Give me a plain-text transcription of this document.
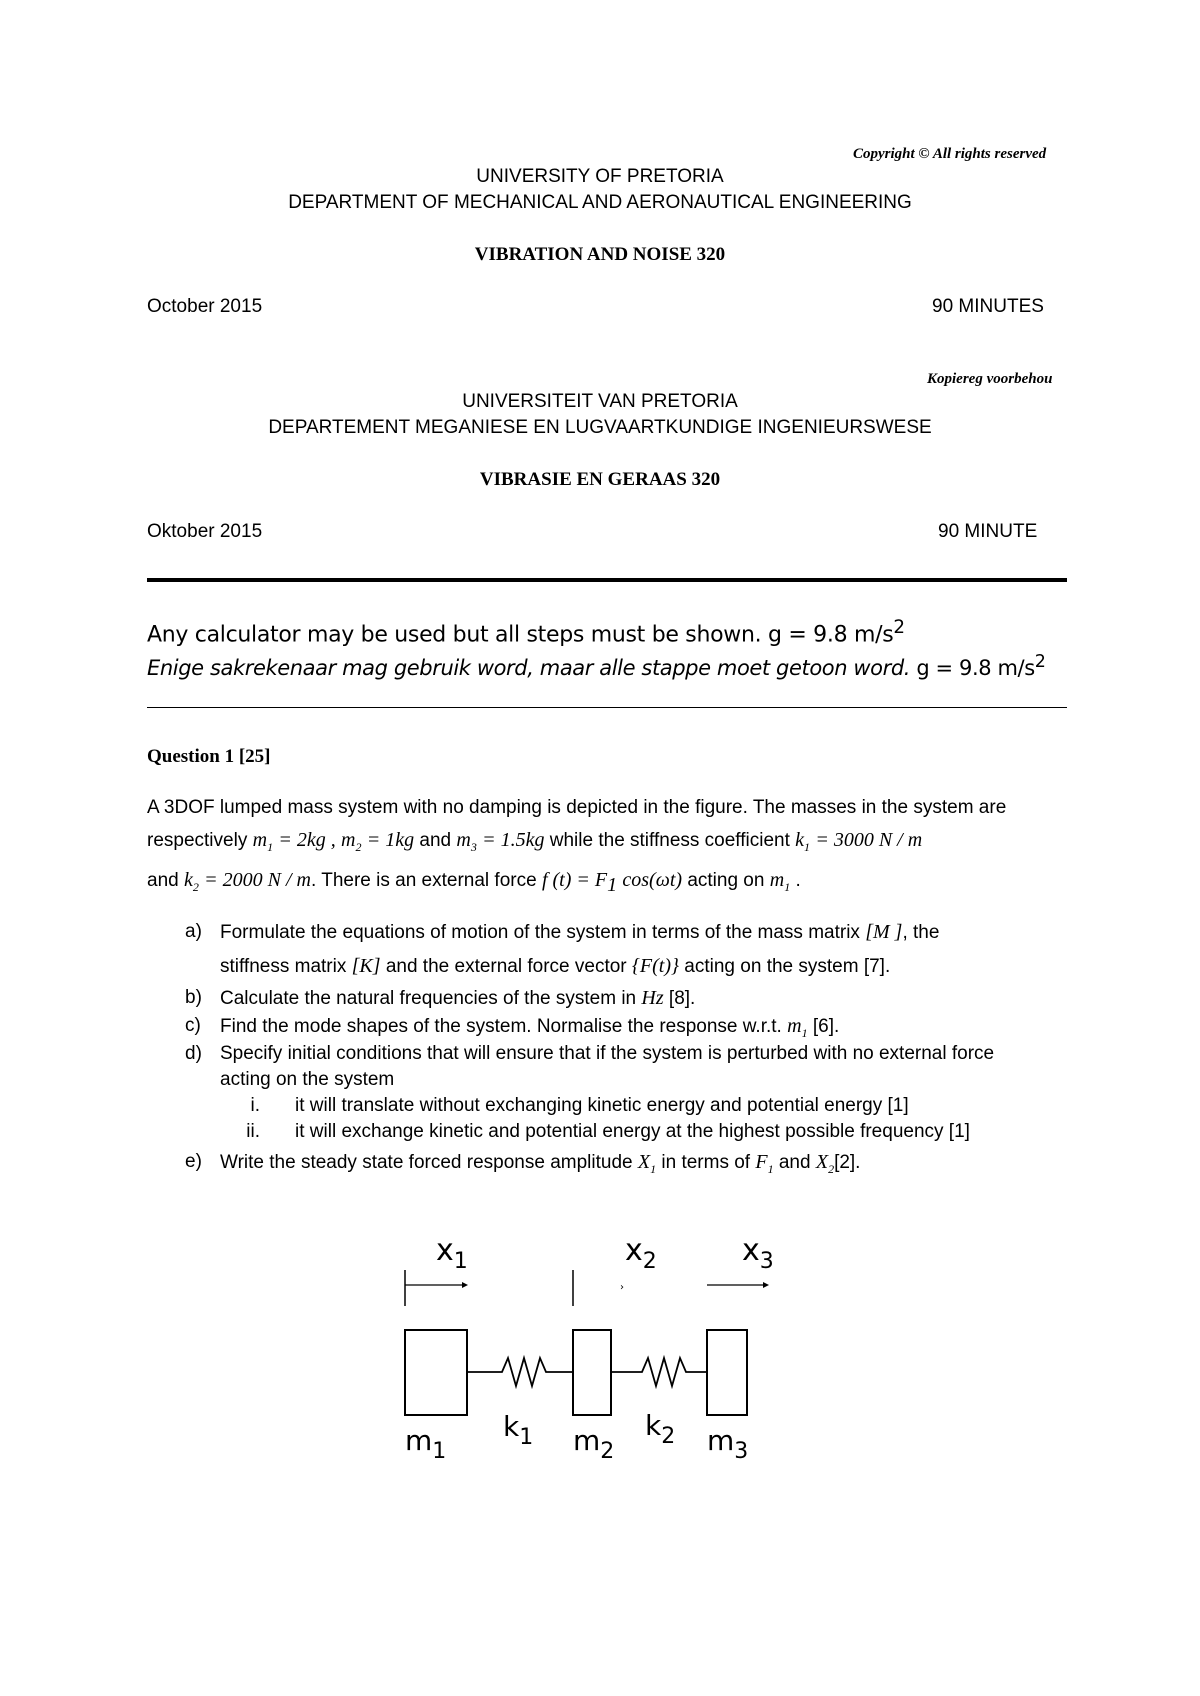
Copyright © All rights reserved
UNIVERSITY OF PRETORIA
DEPARTMENT OF MECHANICAL AND AERONAUTICAL ENGINEERING
VIBRATION AND NOISE 320
October 2015	90 MINUTES
Kopiereg voorbehou
UNIVERSITEIT VAN PRETORIA
DEPARTEMENT MEGANIESE EN LUGVAARTKUNDIGE INGENIEURSWESE
VIBRASIE EN GERAAS 320
Oktober 2015	90 MINUTE
Any calculator may be used but all steps must be shown. g = 9.8 $m/s^2$
Enige sakrekenaar mag gebruik word, maar alle stappe moet getoon word. g = 9.8 $m/s^2$
Question 1 [25]
A 3DOF lumped mass system with no damping is depicted in the figure. The masses in the system are
respectively $m_1 = 2kg$ , $m_2 = 1kg$ and $m_3 = 1.5kg$ while the stiffness coefficient $k_1 = 3000$ N / m
and $k_2 = 2000$ N / m. There is an external force f $(t) = F_1$ cos(ωt) acting on $m_1$ .
a) Formulate the equations of motion of the system in terms of the mass matrix [M ], the
stiffness matrix [K] and the external force vector {F(t)} acting on the system [7].
b) Calculate the natural frequencies of the system in Hz [8].
c) Find the mode shapes of the system. Normalise the response w.r.t. $m_1$ [6].
d) Specify initial conditions that will ensure that if the system is perturbed with no external force
acting on the system
i. it will translate without exchanging kinetic energy and potential energy [1]
ii. it will exchange kinetic and potential energy at the highest possible frequency [1]
e) Write the steady state forced response amplitude $X_1$ in terms of $F_1$ and $X_2[2]$.
$x_1$	$x_2$
›
$x_3$
$k_1$	$k_2$
$m_1$	$m_2$	$m_3$
